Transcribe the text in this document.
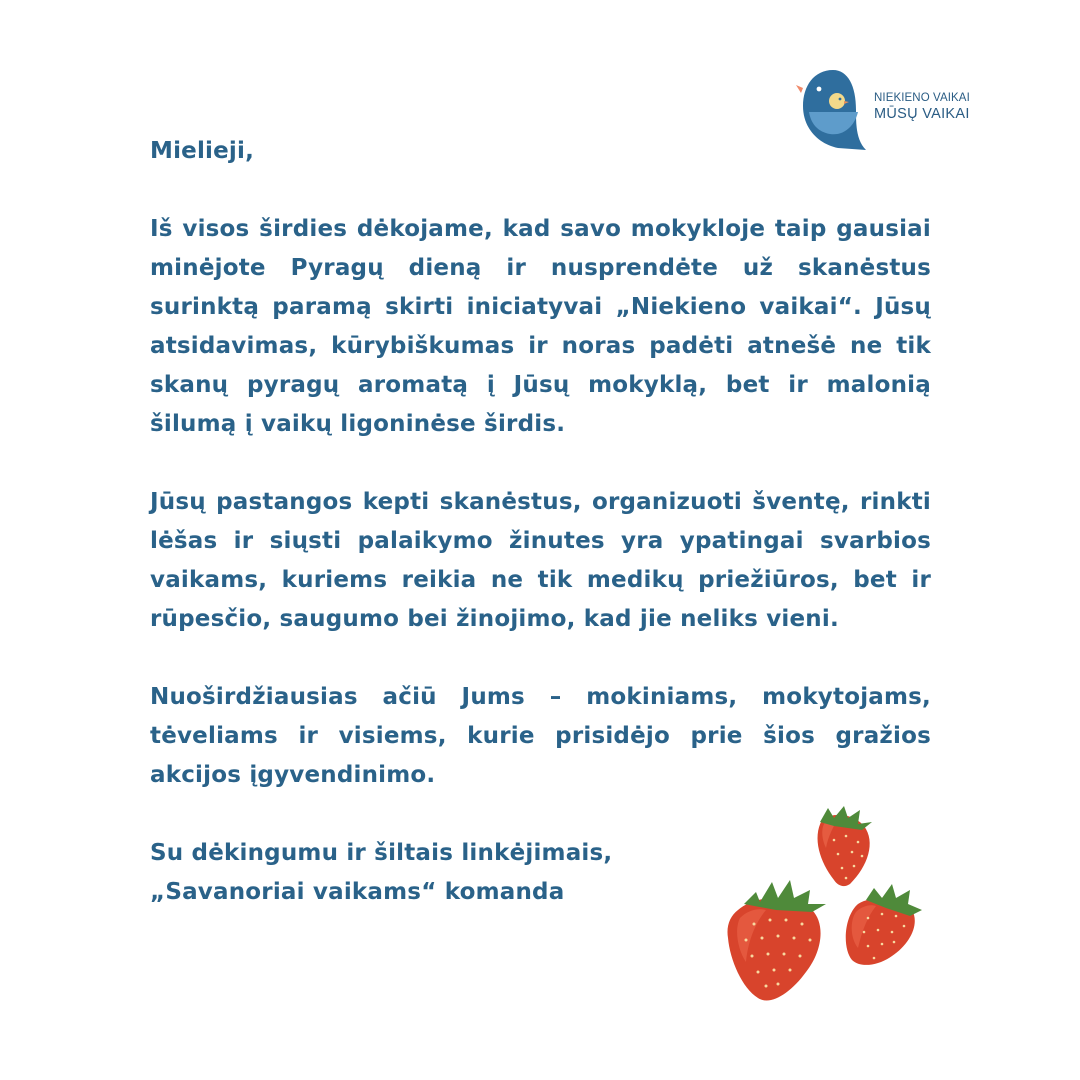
NIEKIENO VAIKAI
MŪSŲ VAIKAI

Mielieji,

Iš visos širdies dėkojame, kad savo mokykloje taip gausiai minėjote Pyragų dieną ir nusprendėte už skanėstus surinktą paramą skirti iniciatyvai „Niekieno vaikai“. Jūsų atsidavimas, kūrybiškumas ir noras padėti atnešė ne tik skanų pyragų aromatą į Jūsų mokyklą, bet ir malonią šilumą į vaikų ligoninėse širdis.

Jūsų pastangos kepti skanėstus, organizuoti šventę, rinkti lėšas ir siųsti palaikymo žinutes yra ypatingai svarbios vaikams, kuriems reikia ne tik medikų priežiūros, bet ir rūpesčio, saugumo bei žinojimo, kad jie neliks vieni.

Nuoširdžiausias ačiū Jums – mokiniams, mokytojams, tėveliams ir visiems, kurie prisidėjo prie šios gražios akcijos įgyvendinimo.

Su dėkingumu ir šiltais linkėjimais,

„Savanoriai vaikams“ komanda
